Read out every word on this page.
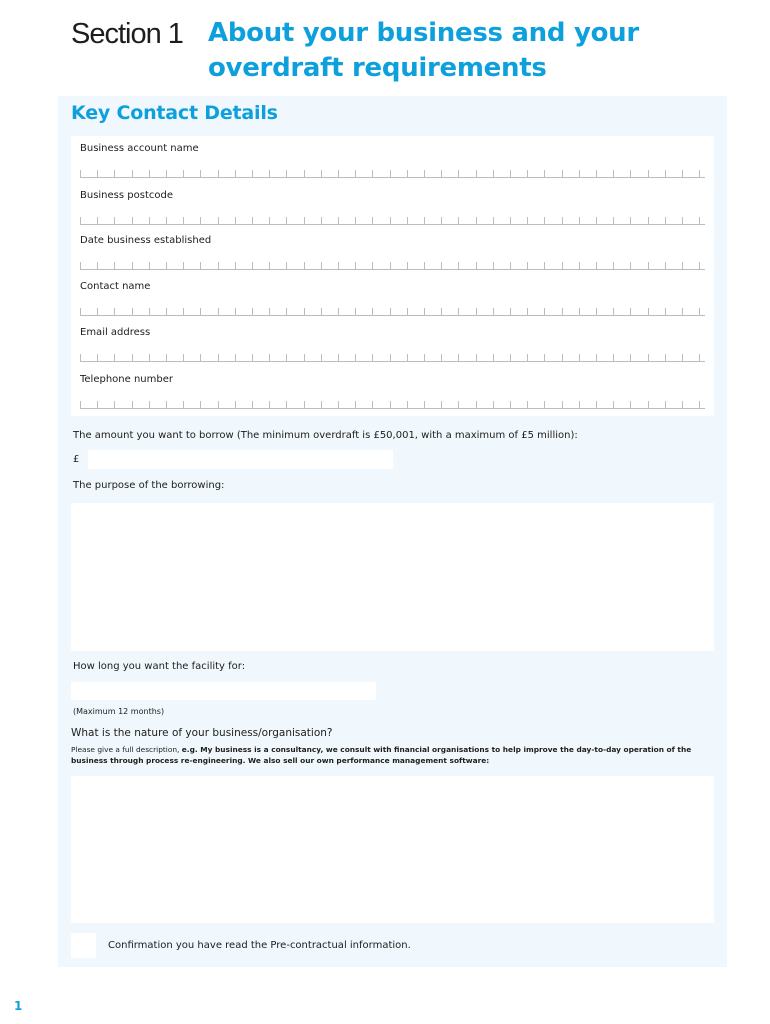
Section 1 About your business and your overdraft requirements
Key Contact Details
Business account name
Business postcode
Date business established
Contact name
Email address
Telephone number
The amount you want to borrow (The minimum overdraft is £50,001, with a maximum of £5 million):
£
The purpose of the borrowing:
How long you want the facility for:
(Maximum 12 months)
What is the nature of your business/organisation?
Please give a full description, e.g. My business is a consultancy, we consult with financial organisations to help improve the day-to-day operation of the business through process re-engineering. We also sell our own performance management software:
Confirmation you have read the Pre-contractual information.
1
